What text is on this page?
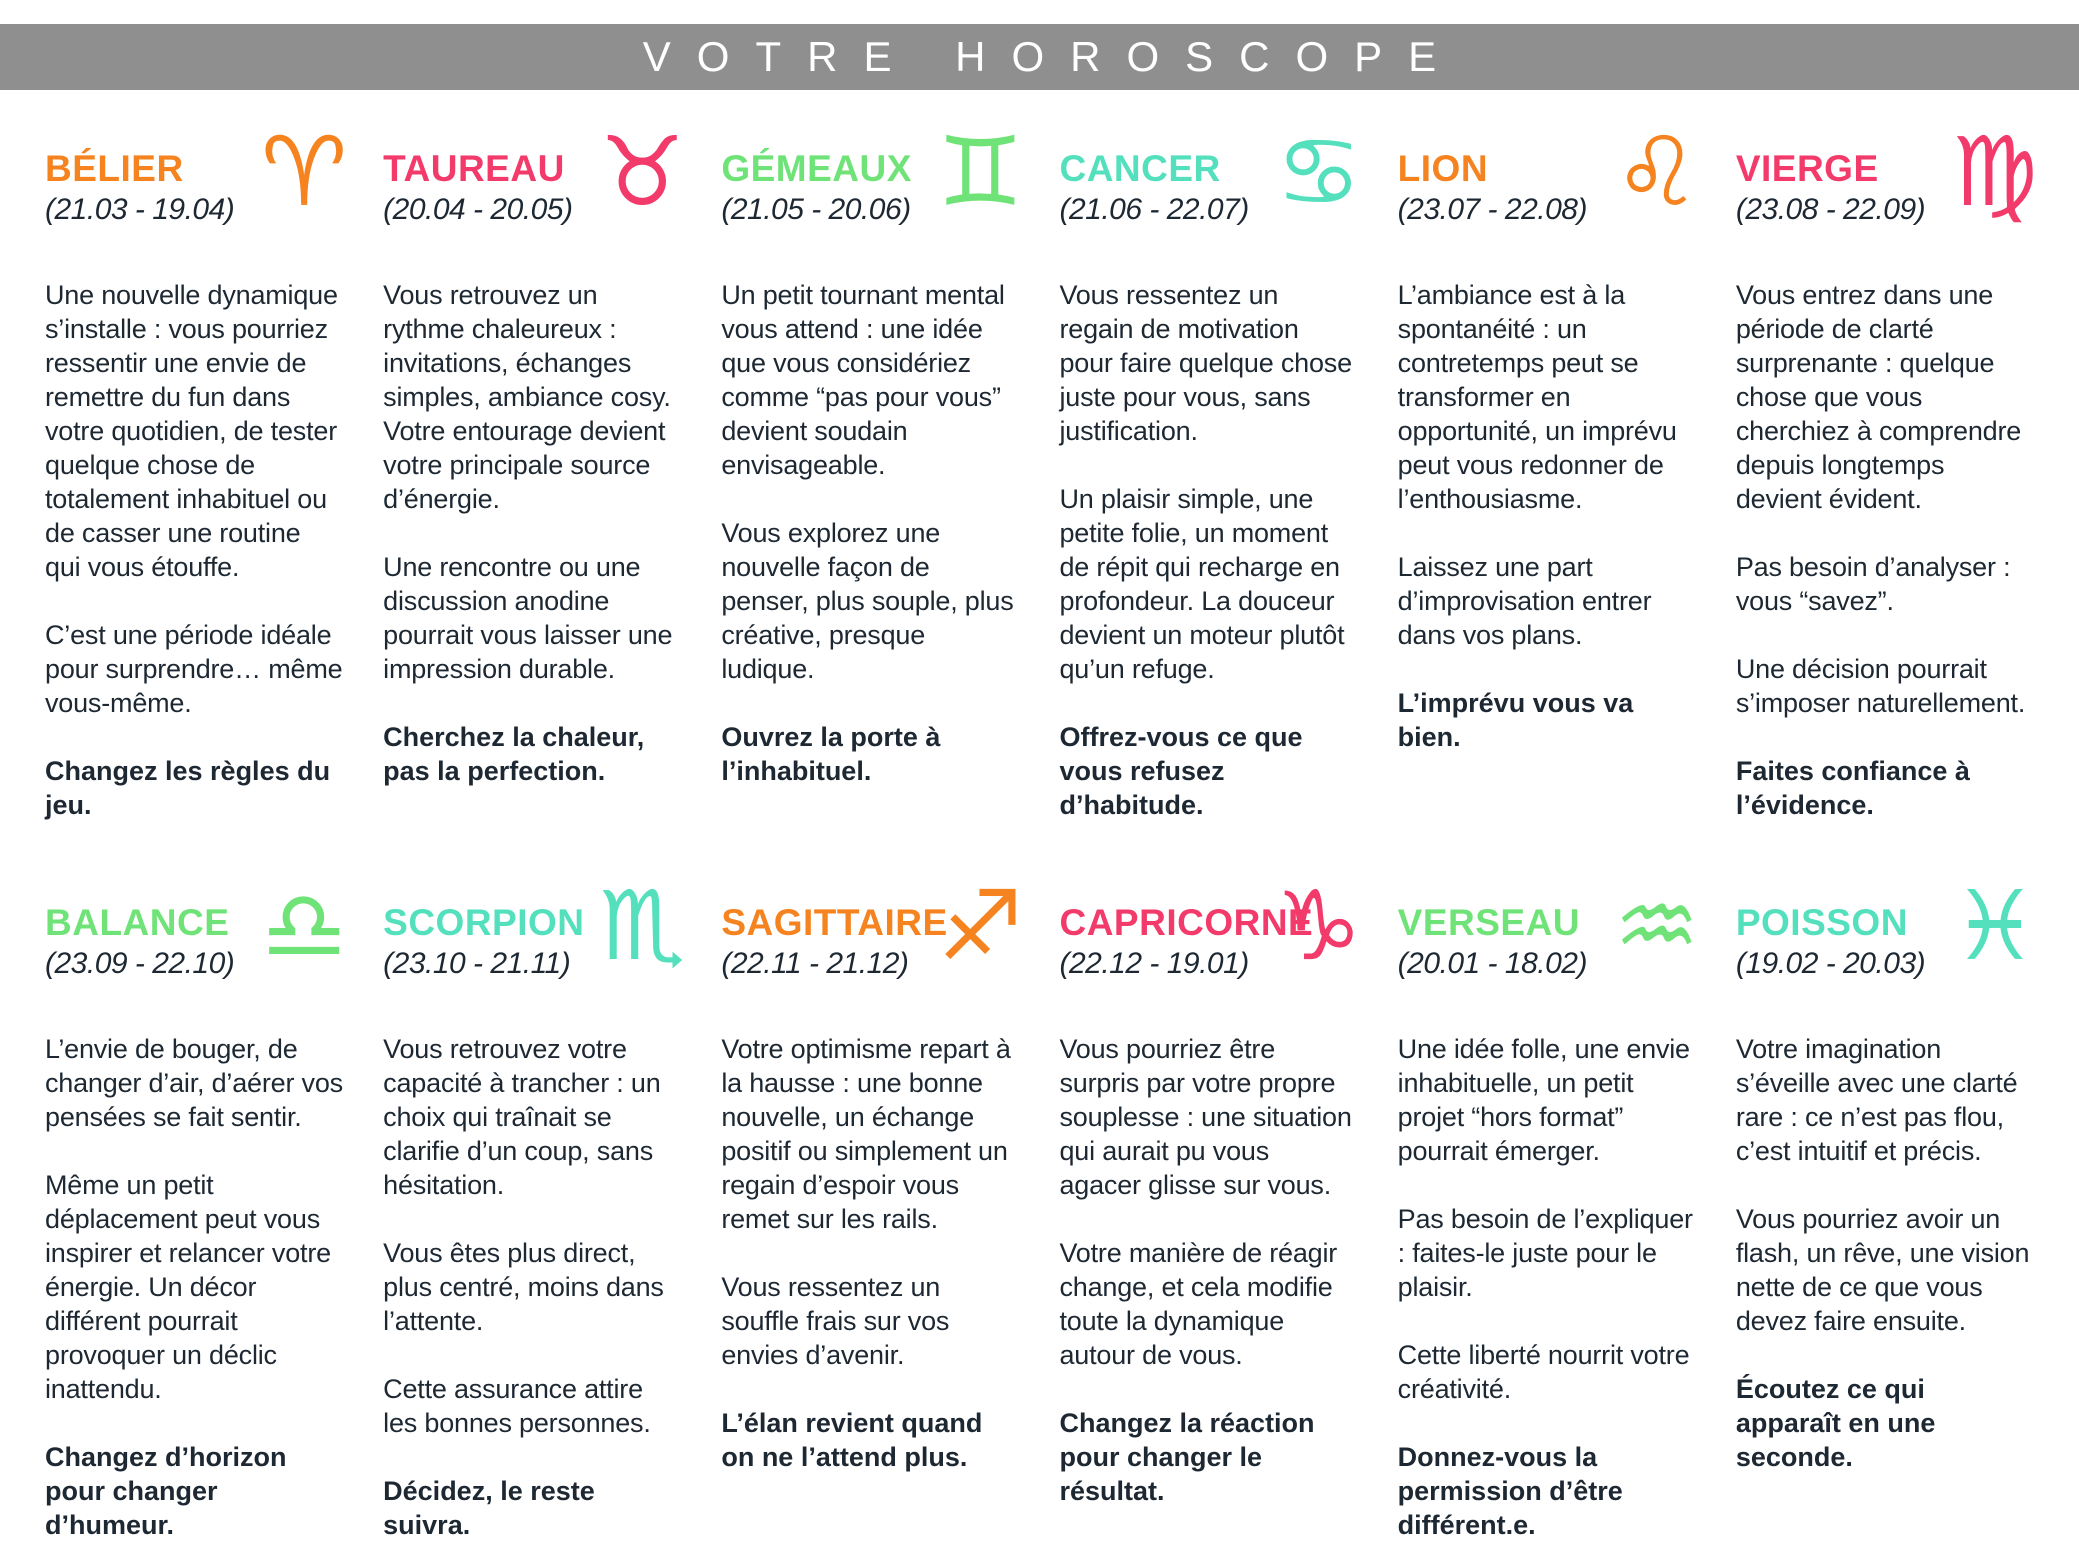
VOTRE HOROSCOPE
BÉLIER

(21.03 - 19.04) ♈

Une nouvelle dynamique s’installe : vous pourriez ressentir une envie de remettre du fun dans votre quotidien, de tester quelque chose de totalement inhabituel ou de casser une routine qui vous étouffe.

C’est une période idéale pour surprendre… même vous-même.

Changez les règles du jeu.

TAUREAU

(20.04 - 20.05) ♉

Vous retrouvez un rythme chaleureux : invitations, échanges simples, ambiance cosy. Votre entourage devient votre principale source d’énergie.

Une rencontre ou une discussion anodine pourrait vous laisser une impression durable.

Cherchez la chaleur, pas la perfection.

GÉMEAUX

(21.05 - 20.06) ♊

Un petit tournant mental vous attend : une idée que vous considériez comme “pas pour vous” devient soudain envisageable.

Vous explorez une nouvelle façon de penser, plus souple, plus créative, presque ludique.

Ouvrez la porte à l’inhabituel.

CANCER

(21.06 - 22.07) ♋

Vous ressentez un regain de motivation pour faire quelque chose juste pour vous, sans justification.

Un plaisir simple, une petite folie, un moment de répit qui recharge en profondeur. La douceur devient un moteur plutôt qu’un refuge.

Offrez-vous ce que vous refusez d’habitude.

LION

(23.07 - 22.08) ♌

L’ambiance est à la spontanéité : un contretemps peut se transformer en opportunité, un imprévu peut vous redonner de l’enthousiasme.

Laissez une part d’improvisation entrer dans vos plans.

L’imprévu vous va bien.

VIERGE

(23.08 - 22.09) ♍

Vous entrez dans une période de clarté surprenante : quelque chose que vous cherchiez à comprendre depuis longtemps devient évident.

Pas besoin d’analyser : vous “savez”.

Une décision pourrait s’imposer naturellement.

Faites confiance à l’évidence.

BALANCE

(23.09 - 22.10) ♎

L’envie de bouger, de changer d’air, d’aérer vos pensées se fait sentir.

Même un petit déplacement peut vous inspirer et relancer votre énergie. Un décor différent pourrait provoquer un déclic inattendu.

Changez d’horizon pour changer d’humeur.

SCORPION

(23.10 - 21.11) ♏

Vous retrouvez votre capacité à trancher : un choix qui traînait se clarifie d’un coup, sans hésitation.

Vous êtes plus direct, plus centré, moins dans l’attente.

Cette assurance attire les bonnes personnes.

Décidez, le reste suivra.

SAGITTAIRE

(22.11 - 21.12) ♐

Votre optimisme repart à la hausse : une bonne nouvelle, un échange positif ou simplement un regain d’espoir vous remet sur les rails.

Vous ressentez un souffle frais sur vos envies d’avenir.

L’élan revient quand on ne l’attend plus.

CAPRICORNE

(22.12 - 19.01) ♑

Vous pourriez être surpris par votre propre souplesse : une situation qui aurait pu vous agacer glisse sur vous.

Votre manière de réagir change, et cela modifie toute la dynamique autour de vous.

Changez la réaction pour changer le résultat.

VERSEAU

(20.01 - 18.02) ♒

Une idée folle, une envie inhabituelle, un petit projet “hors format” pourrait émerger.

Pas besoin de l’expliquer : faites-le juste pour le plaisir.

Cette liberté nourrit votre créativité.

Donnez-vous la permission d’être différent.e.

POISSON

(19.02 - 20.03) ♓

Votre imagination s’éveille avec une clarté rare : ce n’est pas flou, c’est intuitif et précis.

Vous pourriez avoir un flash, un rêve, une vision nette de ce que vous devez faire ensuite.

Écoutez ce qui apparaît en une seconde.
